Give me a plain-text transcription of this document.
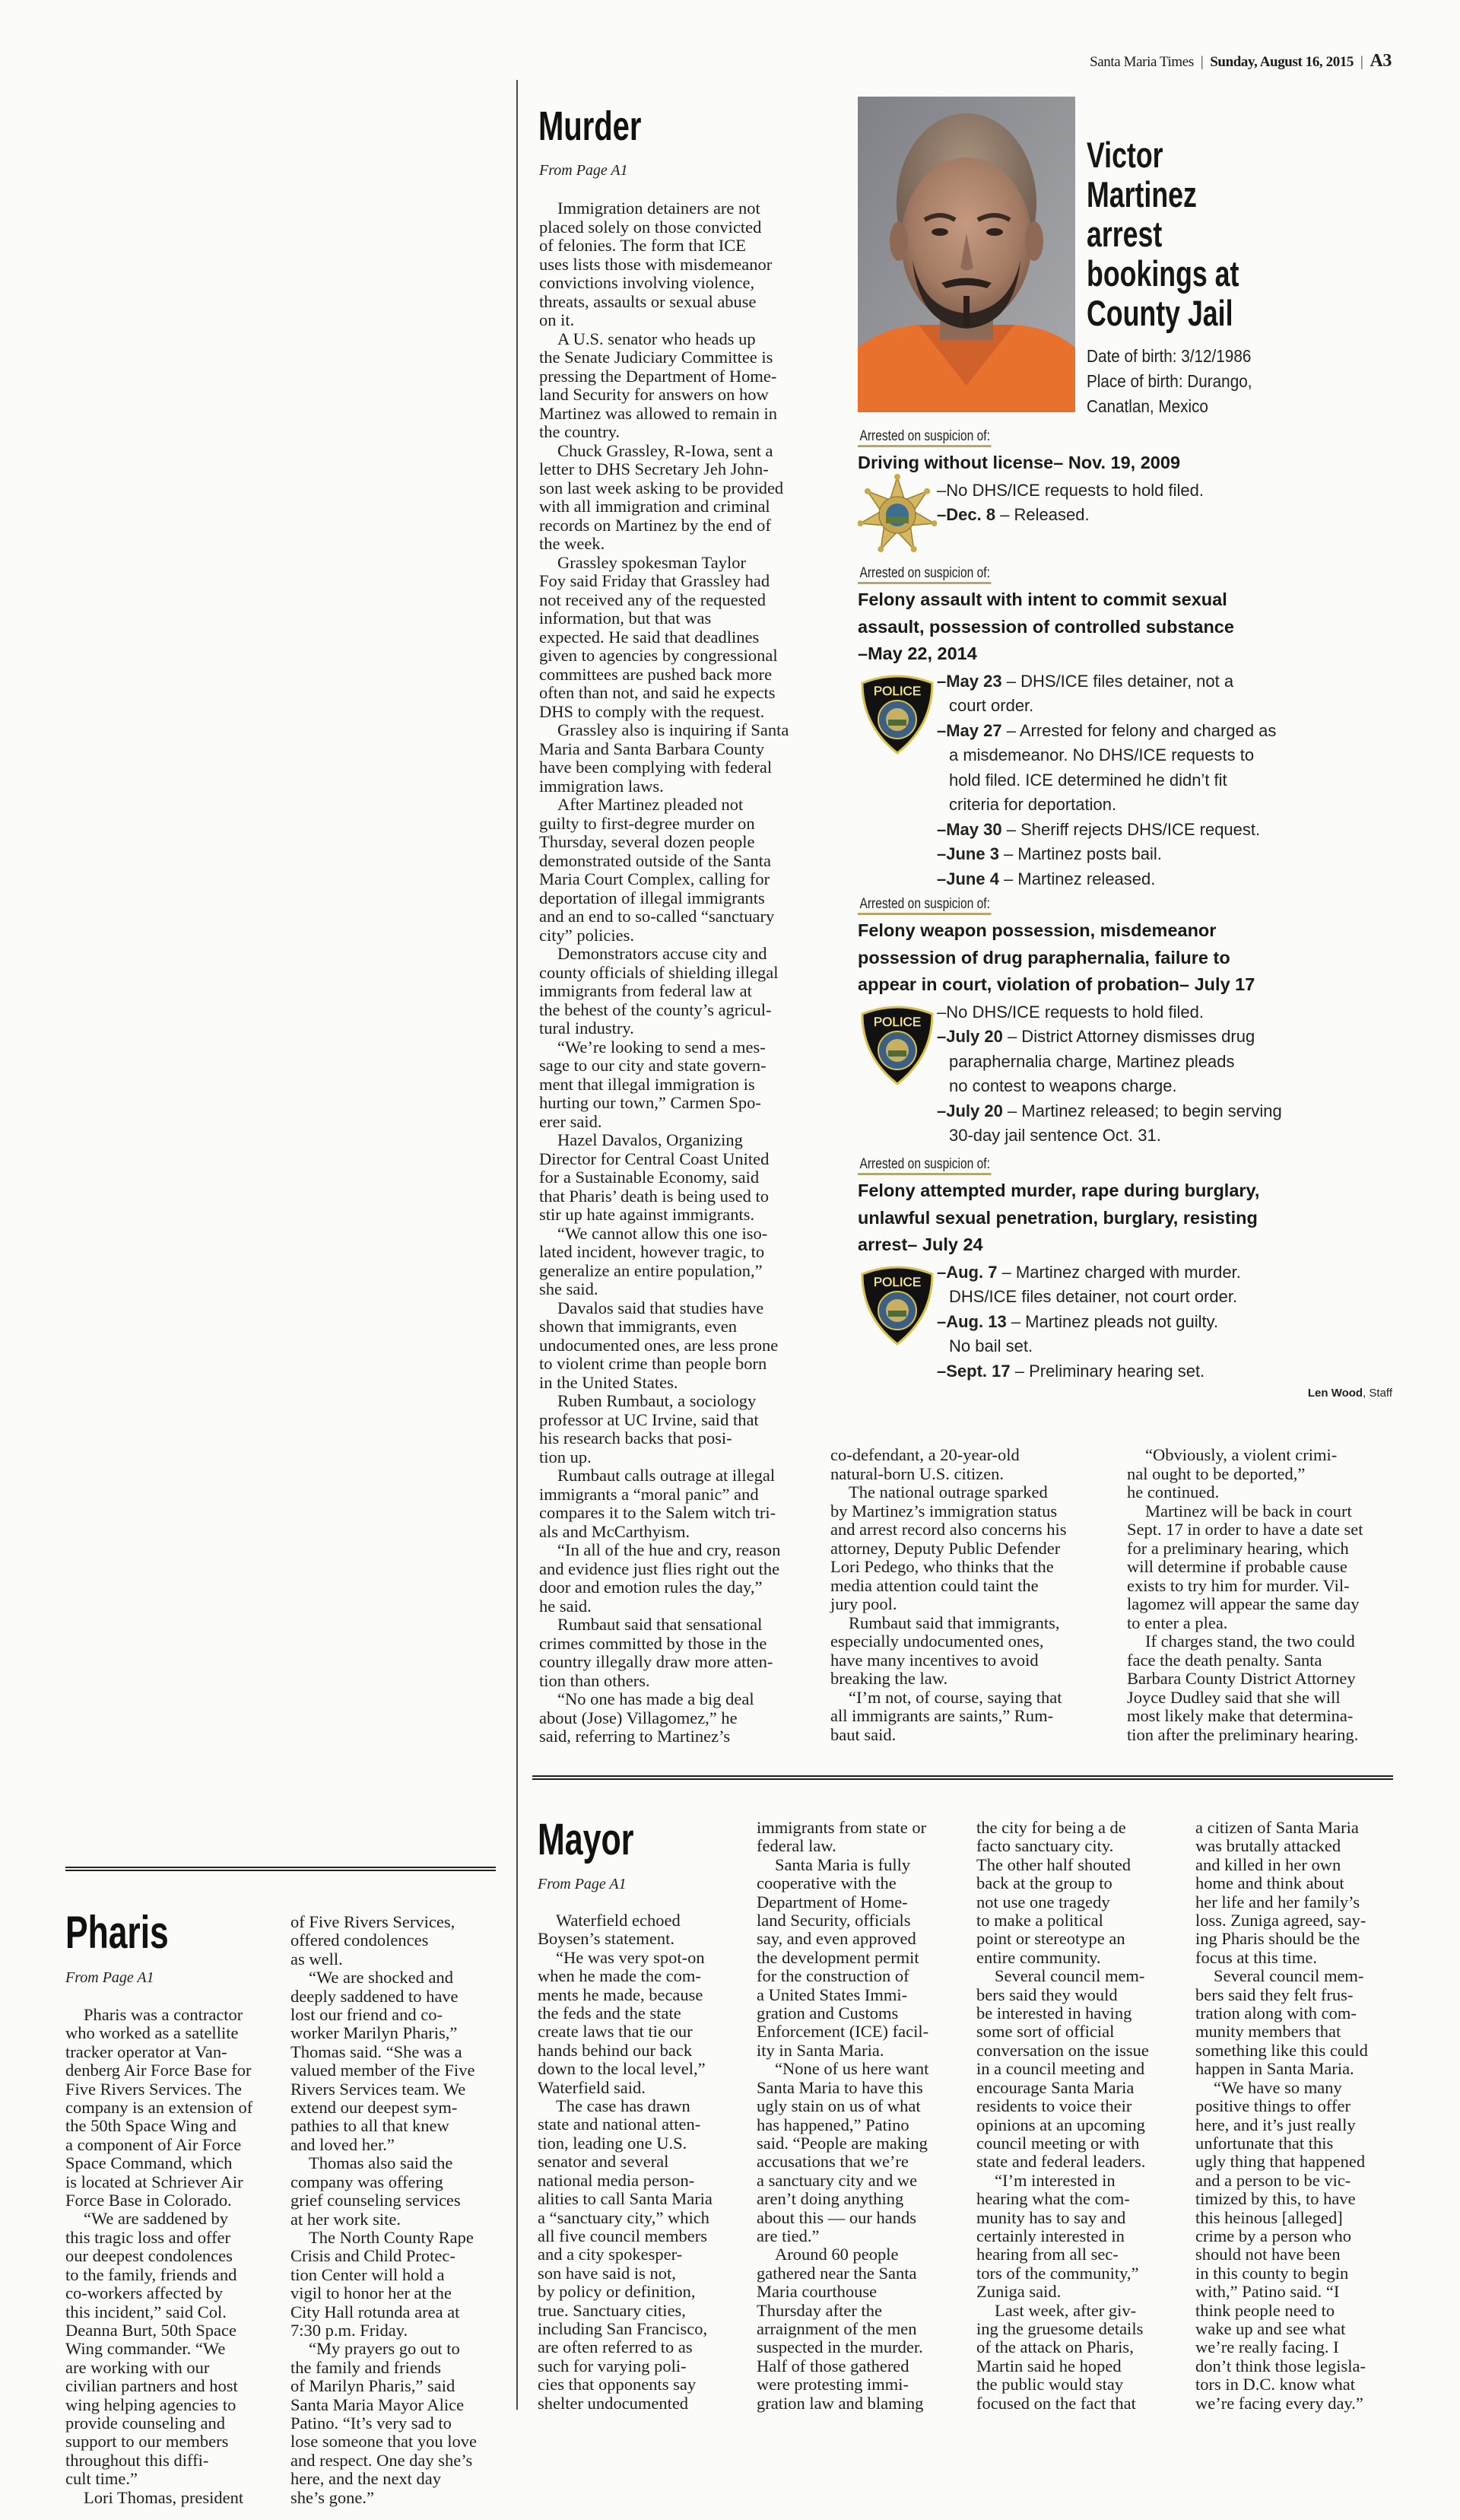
Santa Maria Times | Sunday, August 16, 2015 | A3
Murder
From Page A1

Immigration detainers are not
placed solely on those convicted
of felonies. The form that ICE
uses lists those with misdemeanor
convictions involving violence,
threats, assaults or sexual abuse
on it.

A U.S. senator who heads up
the Senate Judiciary Committee is
pressing the Department of Home-
land Security for answers on how
Martinez was allowed to remain in
the country.

Chuck Grassley, R-Iowa, sent a
letter to DHS Secretary Jeh John-
son last week asking to be provided
with all immigration and criminal
records on Martinez by the end of
the week.

Grassley spokesman Taylor
Foy said Friday that Grassley had
not received any of the requested
information, but that was
expected. He said that deadlines
given to agencies by congressional
committees are pushed back more
often than not, and said he expects
DHS to comply with the request.

Grassley also is inquiring if Santa
Maria and Santa Barbara County
have been complying with federal
immigration laws.

After Martinez pleaded not
guilty to first-degree murder on
Thursday, several dozen people
demonstrated outside of the Santa
Maria Court Complex, calling for
deportation of illegal immigrants
and an end to so-called “sanctuary
city” policies.

Demonstrators accuse city and
county officials of shielding illegal
immigrants from federal law at
the behest of the county’s agricul-
tural industry.

“We’re looking to send a mes-
sage to our city and state govern-
ment that illegal immigration is
hurting our town,” Carmen Spo-
erer said.

Hazel Davalos, Organizing
Director for Central Coast United
for a Sustainable Economy, said
that Pharis’ death is being used to
stir up hate against immigrants.

“We cannot allow this one iso-
lated incident, however tragic, to
generalize an entire population,”
she said.

Davalos said that studies have
shown that immigrants, even
undocumented ones, are less prone
to violent crime than people born
in the United States.

Ruben Rumbaut, a sociology
professor at UC Irvine, said that
his research backs that posi-
tion up.

Rumbaut calls outrage at illegal
immigrants a “moral panic” and
compares it to the Salem witch tri-
als and McCarthyism.

“In all of the hue and cry, reason
and evidence just flies right out the
door and emotion rules the day,”
he said.

Rumbaut said that sensational
crimes committed by those in the
country illegally draw more atten-
tion than others.

“No one has made a big deal
about (Jose) Villagomez,” he
said, referring to Martinez’s

co-defendant, a 20-year-old
natural-born U.S. citizen.

The national outrage sparked
by Martinez’s immigration status
and arrest record also concerns his
attorney, Deputy Public Defender
Lori Pedego, who thinks that the
media attention could taint the
jury pool.

Rumbaut said that immigrants,
especially undocumented ones,
have many incentives to avoid
breaking the law.

“I’m not, of course, saying that
all immigrants are saints,” Rum-
baut said.

“Obviously, a violent crimi-
nal ought to be deported,”
he continued.

Martinez will be back in court
Sept. 17 in order to have a date set
for a preliminary hearing, which
will determine if probable cause
exists to try him for murder. Vil-
lagomez will appear the same day
to enter a plea.

If charges stand, the two could
face the death penalty. Santa
Barbara County District Attorney
Joyce Dudley said that she will
most likely make that determina-
tion after the preliminary hearing.

Victor
Martinez
arrest
bookings at
County Jail
Date of birth: 3/12/1986
Place of birth: Durango,
Canatlan, Mexico
Arrested on suspicion of:
Driving without license– Nov. 19, 2009
–No DHS/ICE requests to hold filed.
–Dec. 8 – Released.
Arrested on suspicion of:
Felony assault with intent to commit sexual
assault, possession of controlled substance
–May 22, 2014
POLICE
–May 23 – DHS/ICE files detainer, not a
court order.
–May 27 – Arrested for felony and charged as
a misdemeanor. No DHS/ICE requests to
hold filed. ICE determined he didn’t fit
criteria for deportation.
–May 30 – Sheriff rejects DHS/ICE request.
–June 3 – Martinez posts bail.
–June 4 – Martinez released.
Arrested on suspicion of:
Felony weapon possession, misdemeanor
possession of drug paraphernalia, failure to
appear in court, violation of probation– July 17
POLICE
–No DHS/ICE requests to hold filed.
–July 20 – District Attorney dismisses drug
paraphernalia charge, Martinez pleads
no contest to weapons charge.
–July 20 – Martinez released; to begin serving
30-day jail sentence Oct. 31.
Arrested on suspicion of:
Felony attempted murder, rape during burglary,
unlawful sexual penetration, burglary, resisting
arrest– July 24
POLICE
–Aug. 7 – Martinez charged with murder.
DHS/ICE files detainer, not court order.
–Aug. 13 – Martinez pleads not guilty.
No bail set.
–Sept. 17 – Preliminary hearing set.
Len Wood, Staff
Mayor
From Page A1

Waterfield echoed
Boysen’s statement.

“He was very spot-on
when he made the com-
ments he made, because
the feds and the state
create laws that tie our
hands behind our back
down to the local level,”
Waterfield said.

The case has drawn
state and national atten-
tion, leading one U.S.
senator and several
national media person-
alities to call Santa Maria
a “sanctuary city,” which
all five council members
and a city spokesper-
son have said is not,
by policy or definition,
true. Sanctuary cities,
including San Francisco,
are often referred to as
such for varying poli-
cies that opponents say
shelter undocumented

immigrants from state or
federal law.

Santa Maria is fully
cooperative with the
Department of Home-
land Security, officials
say, and even approved
the development permit
for the construction of
a United States Immi-
gration and Customs
Enforcement (ICE) facil-
ity in Santa Maria.

“None of us here want
Santa Maria to have this
ugly stain on us of what
has happened,” Patino
said. “People are making
accusations that we’re
a sanctuary city and we
aren’t doing anything
about this — our hands
are tied.”

Around 60 people
gathered near the Santa
Maria courthouse
Thursday after the
arraignment of the men
suspected in the murder.
Half of those gathered
were protesting immi-
gration law and blaming

the city for being a de
facto sanctuary city.
The other half shouted
back at the group to
not use one tragedy
to make a political
point or stereotype an
entire community.

Several council mem-
bers said they would
be interested in having
some sort of official
conversation on the issue
in a council meeting and
encourage Santa Maria
residents to voice their
opinions at an upcoming
council meeting or with
state and federal leaders.

“I’m interested in
hearing what the com-
munity has to say and
certainly interested in
hearing from all sec-
tors of the community,”
Zuniga said.

Last week, after giv-
ing the gruesome details
of the attack on Pharis,
Martin said he hoped
the public would stay
focused on the fact that

a citizen of Santa Maria
was brutally attacked
and killed in her own
home and think about
her life and her family’s
loss. Zuniga agreed, say-
ing Pharis should be the
focus at this time.

Several council mem-
bers said they felt frus-
tration along with com-
munity members that
something like this could
happen in Santa Maria.

“We have so many
positive things to offer
here, and it’s just really
unfortunate that this
ugly thing that happened
and a person to be vic-
timized by this, to have
this heinous [alleged]
crime by a person who
should not have been
in this county to begin
with,” Patino said. “I
think people need to
wake up and see what
we’re really facing. I
don’t think those legisla-
tors in D.C. know what
we’re facing every day.”

Pharis
From Page A1

Pharis was a contractor
who worked as a satellite
tracker operator at Van-
denberg Air Force Base for
Five Rivers Services. The
company is an extension of
the 50th Space Wing and
a component of Air Force
Space Command, which
is located at Schriever Air
Force Base in Colorado.

“We are saddened by
this tragic loss and offer
our deepest condolences
to the family, friends and
co-workers affected by
this incident,” said Col.
Deanna Burt, 50th Space
Wing commander. “We
are working with our
civilian partners and host
wing helping agencies to
provide counseling and
support to our members
throughout this diffi-
cult time.”

Lori Thomas, president

of Five Rivers Services,
offered condolences
as well.

“We are shocked and
deeply saddened to have
lost our friend and co-
worker Marilyn Pharis,”
Thomas said. “She was a
valued member of the Five
Rivers Services team. We
extend our deepest sym-
pathies to all that knew
and loved her.”

Thomas also said the
company was offering
grief counseling services
at her work site.

The North County Rape
Crisis and Child Protec-
tion Center will hold a
vigil to honor her at the
City Hall rotunda area at
7:30 p.m. Friday.

“My prayers go out to
the family and friends
of Marilyn Pharis,” said
Santa Maria Mayor Alice
Patino. “It’s very sad to
lose someone that you love
and respect. One day she’s
here, and the next day
she’s gone.”
